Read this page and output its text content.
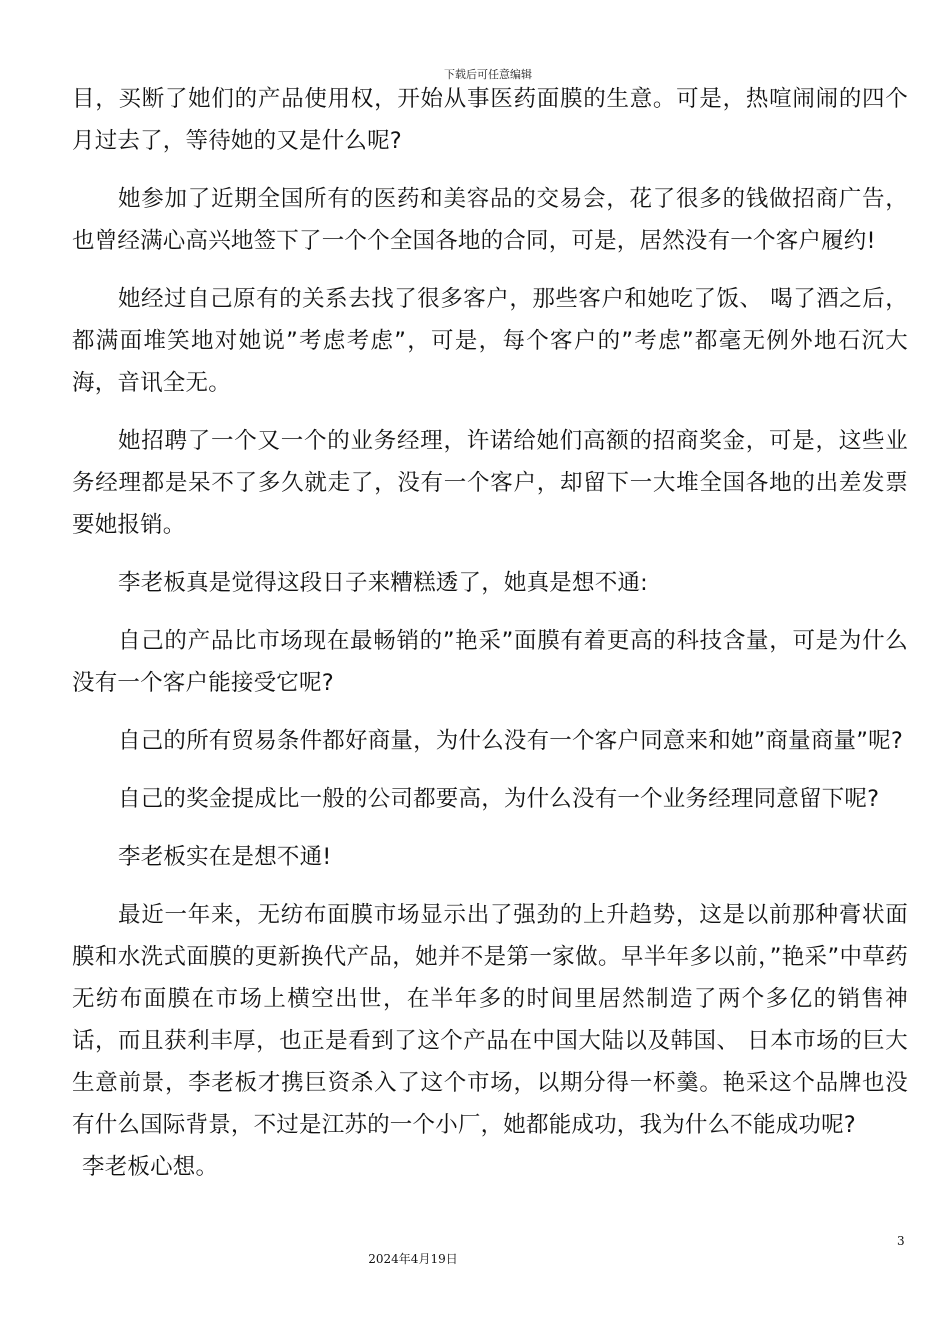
下载后可任意编辑

目，买断了她们的产品使用权，开始从事医药面膜的生意。可是，热喧闹闹的四个月过去了，等待她的又是什么呢?

她参加了近期全国所有的医药和美容品的交易会，花了很多的钱做招商广告，也曾经满心高兴地签下了一个个全国各地的合同，可是，居然没有一个客户履约!

她经过自己原有的关系去找了很多客户，那些客户和她吃了饭、 喝了酒之后，都满面堆笑地对她说”考虑考虑”，可是，每个客户的”考虑”都毫无例外地石沉大海，音讯全无。

她招聘了一个又一个的业务经理，许诺给她们高额的招商奖金，可是，这些业务经理都是呆不了多久就走了，没有一个客户，却留下一大堆全国各地的出差发票要她报销。

李老板真是觉得这段日子来糟糕透了，她真是想不通:

自己的产品比市场现在最畅销的”艳采”面膜有着更高的科技含量，可是为什么没有一个客户能接受它呢?

自己的所有贸易条件都好商量，为什么没有一个客户同意来和她”商量商量”呢?

自己的奖金提成比一般的公司都要高，为什么没有一个业务经理同意留下呢?

李老板实在是想不通!

最近一年来，无纺布面膜市场显示出了强劲的上升趋势，这是以前那种膏状面膜和水洗式面膜的更新换代产品，她并不是第一家做。早半年多以前，”艳采”中草药无纺布面膜在市场上横空出世，在半年多的时间里居然制造了两个多亿的销售神话，而且获利丰厚，也正是看到了这个产品在中国大陆以及韩国、 日本市场的巨大生意前景，李老板才携巨资杀入了这个市场，以期分得一杯羹。艳采这个品牌也没有什么国际背景，不过是江苏的一个小厂，她都能成功，我为什么不能成功呢?

李老板心想。

3
2024年4月19日
